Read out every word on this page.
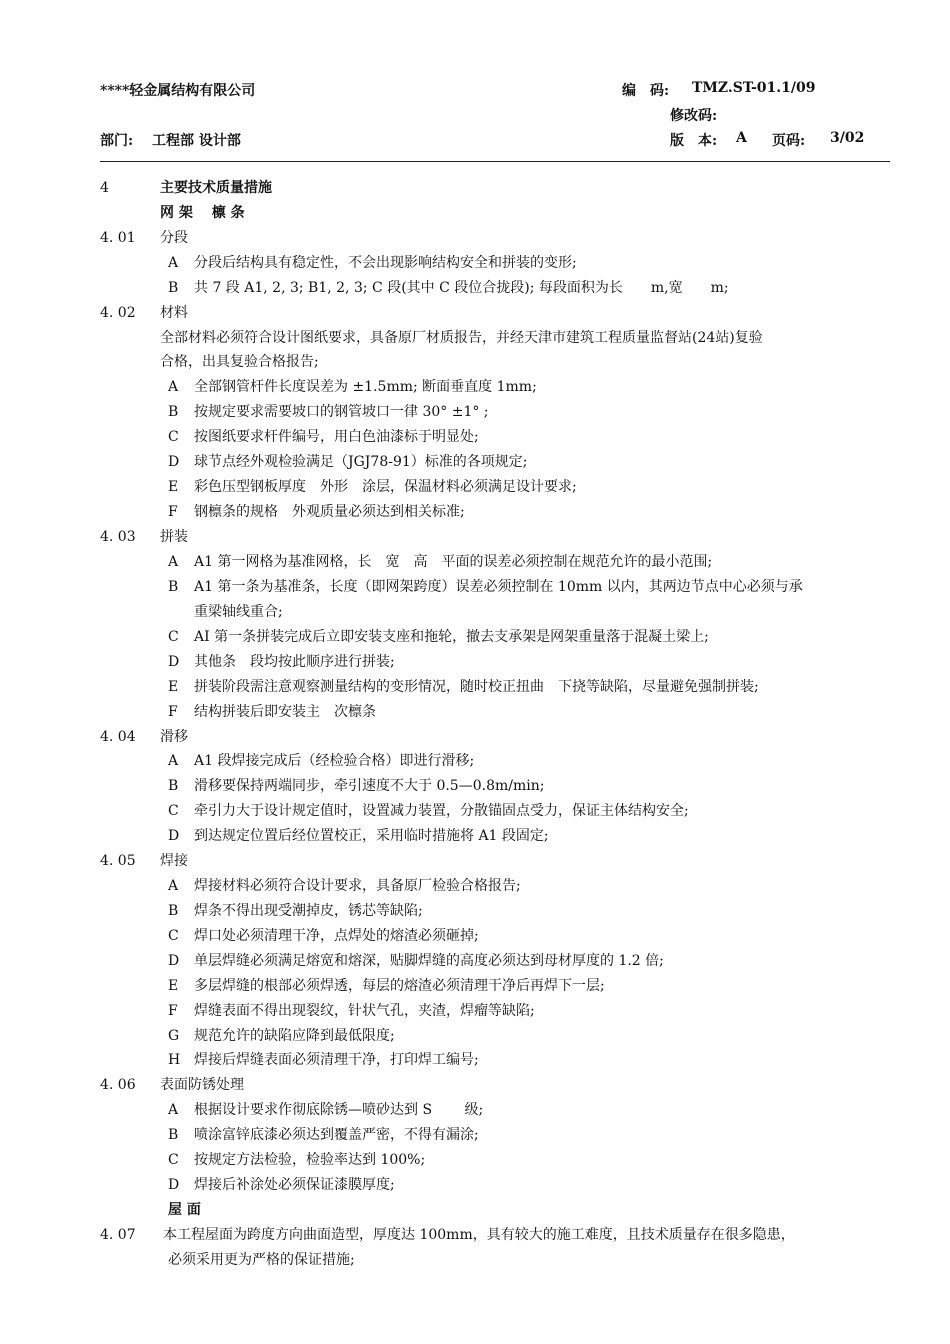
****轻金属结构有限公司	编　码: TMZ.ST-01.1/09
修改码:
部门: 工程部 设计部	版　本: A 页码: 3/02
4	主要技术质量措施
网 架　 檩 条
4. 01 分段
A 分段后结构具有稳定性，不会出现影响结构安全和拼装的变形;
B 共 7 段 A1, 2, 3; B1, 2, 3; C 段(其中 C 段位合拢段); 每段面积为长　　m,宽　　m;
4. 02 材料
全部材料必须符合设计图纸要求，具备原厂材质报告，并经天津市建筑工程质量监督站(24站)复验
合格，出具复验合格报告;
A 全部钢管杆件长度误差为 ±1.5mm; 断面垂直度 1mm;
B 按规定要求需要坡口的钢管坡口一律 30° ±1° ;
C 按图纸要求杆件编号，用白色油漆标于明显处;
D 球节点经外观检验满足（JGJ78-91）标准的各项规定;
E 彩色压型钢板厚度　外形　涂层，保温材料必须满足设计要求;
F 钢檩条的规格　外观质量必须达到相关标准;
4. 03 拼装
A A1 第一网格为基准网格，长　宽　高　平面的误差必须控制在规范允许的最小范围;
B A1 第一条为基准条，长度（即网架跨度）误差必须控制在 10mm 以内，其两边节点中心必须与承
重梁轴线重合;
C AI 第一条拼装完成后立即安装支座和拖轮，撤去支承架是网架重量落于混凝土梁上;
D 其他条　段均按此顺序进行拼装;
E 拼装阶段需注意观察测量结构的变形情况，随时校正扭曲　下挠等缺陷，尽量避免强制拼装;
F 结构拼装后即安装主　次檩条
4. 04 滑移
A A1 段焊接完成后（经检验合格）即进行滑移;
B 滑移要保持两端同步，牵引速度不大于 0.5—0.8m/min;
C 牵引力大于设计规定值时，设置减力装置，分散锚固点受力，保证主体结构安全;
D 到达规定位置后经位置校正，采用临时措施将 A1 段固定;
4. 05 焊接
A 焊接材料必须符合设计要求，具备原厂检验合格报告;
B 焊条不得出现受潮掉皮，锈芯等缺陷;
C 焊口处必须清理干净，点焊处的熔渣必须砸掉;
D 单层焊缝必须满足熔宽和熔深，贴脚焊缝的高度必须达到母材厚度的 1.2 倍;
E 多层焊缝的根部必须焊透，每层的熔渣必须清理干净后再焊下一层;
F 焊缝表面不得出现裂纹，针状气孔，夹渣，焊瘤等缺陷;
G 规范允许的缺陷应降到最低限度;
H 焊接后焊缝表面必须清理干净，打印焊工编号;
4. 06 表面防锈处理
A 根据设计要求作彻底除锈—喷砂达到 S　　 级;
B 喷涂富锌底漆必须达到覆盖严密，不得有漏涂;
C 按规定方法检验，检验率达到 100%;
D 焊接后补涂处必须保证漆膜厚度;
屋 面
4. 07 本工程屋面为跨度方向曲面造型，厚度达 100mm，具有较大的施工难度，且技术质量存在很多隐患，
必须采用更为严格的保证措施;
